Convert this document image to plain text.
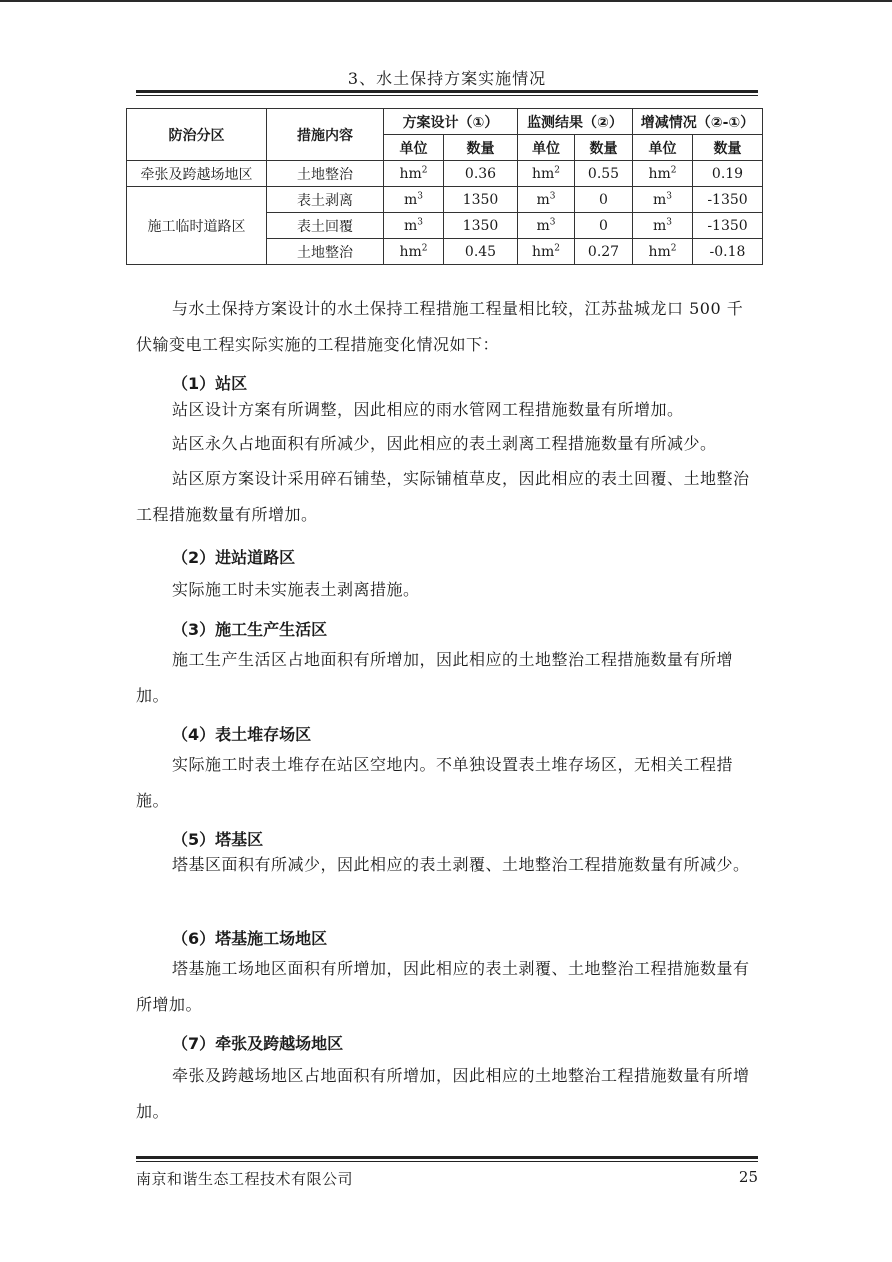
3、水土保持方案实施情况
防治分区	措施内容	方案设计（①）		监测结果（②）		增减情况（②-①）	
		单位	数量	单位	数量	单位	数量
牵张及跨越场地区	土地整治	$hm^2$	0.36	$hm^2$	0.55	$hm^2$	0.19
施工临时道路区	表土剥离	$m^3$	1350	$m^3$	0	$m^3$	-1350
	表土回覆	$m^3$	1350	$m^3$	0	$m^3$	-1350
	土地整治	$hm^2$	0.45	$hm^2$	0.27	$hm^2$	-0.18

与水土保持方案设计的水土保持工程措施工程量相比较，江苏盐城龙口 500 千伏输变电工程实际实施的工程措施变化情况如下：

（1）站区

站区设计方案有所调整，因此相应的雨水管网工程措施数量有所增加。

站区永久占地面积有所减少，因此相应的表土剥离工程措施数量有所减少。

站区原方案设计采用碎石铺垫，实际铺植草皮，因此相应的表土回覆、土地整治工程措施数量有所增加。

（2）进站道路区

实际施工时未实施表土剥离措施。

（3）施工生产生活区

施工生产生活区占地面积有所增加，因此相应的土地整治工程措施数量有所增加。

（4）表土堆存场区

实际施工时表土堆存在站区空地内。不单独设置表土堆存场区，无相关工程措施。

（5）塔基区

塔基区面积有所减少，因此相应的表土剥覆、土地整治工程措施数量有所减少。

（6）塔基施工场地区

塔基施工场地区面积有所增加，因此相应的表土剥覆、土地整治工程措施数量有所增加。

（7）牵张及跨越场地区

牵张及跨越场地区占地面积有所增加，因此相应的土地整治工程措施数量有所增加。

南京和谐生态工程技术有限公司	25
